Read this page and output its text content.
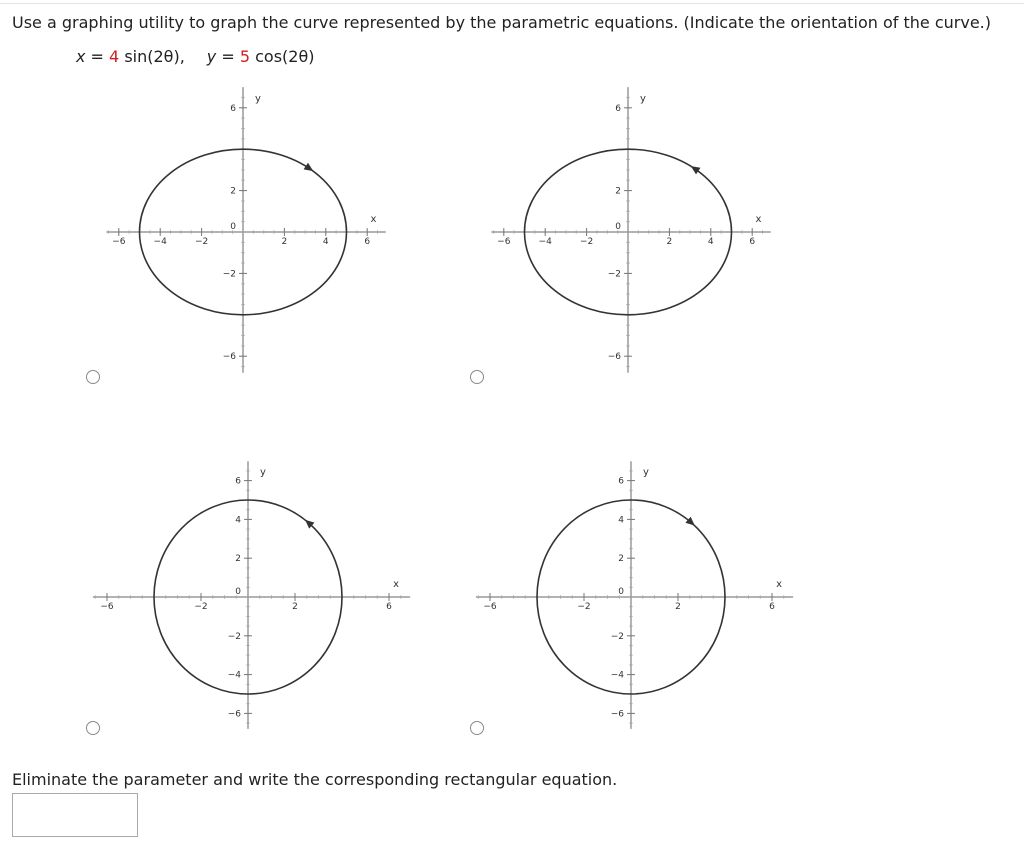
Use a graphing utility to graph the curve represented by the parametric equations. (Indicate the orientation of the curve.)
x = 4 sin(2θ), y = 5 cos(2θ)
−6	−4	−2	2	4	6
6
2
−2
−6
0
x
y
−6	−4	−2	2	4	6
6
2
−2
−6
0
x
y
−6	−2	2	6
6
4
2
−2
−4
−6
0
x
y
−6	−2	2	6
6
4
2
−2
−4
−6
0
x
y
Eliminate the parameter and write the corresponding rectangular equation.
